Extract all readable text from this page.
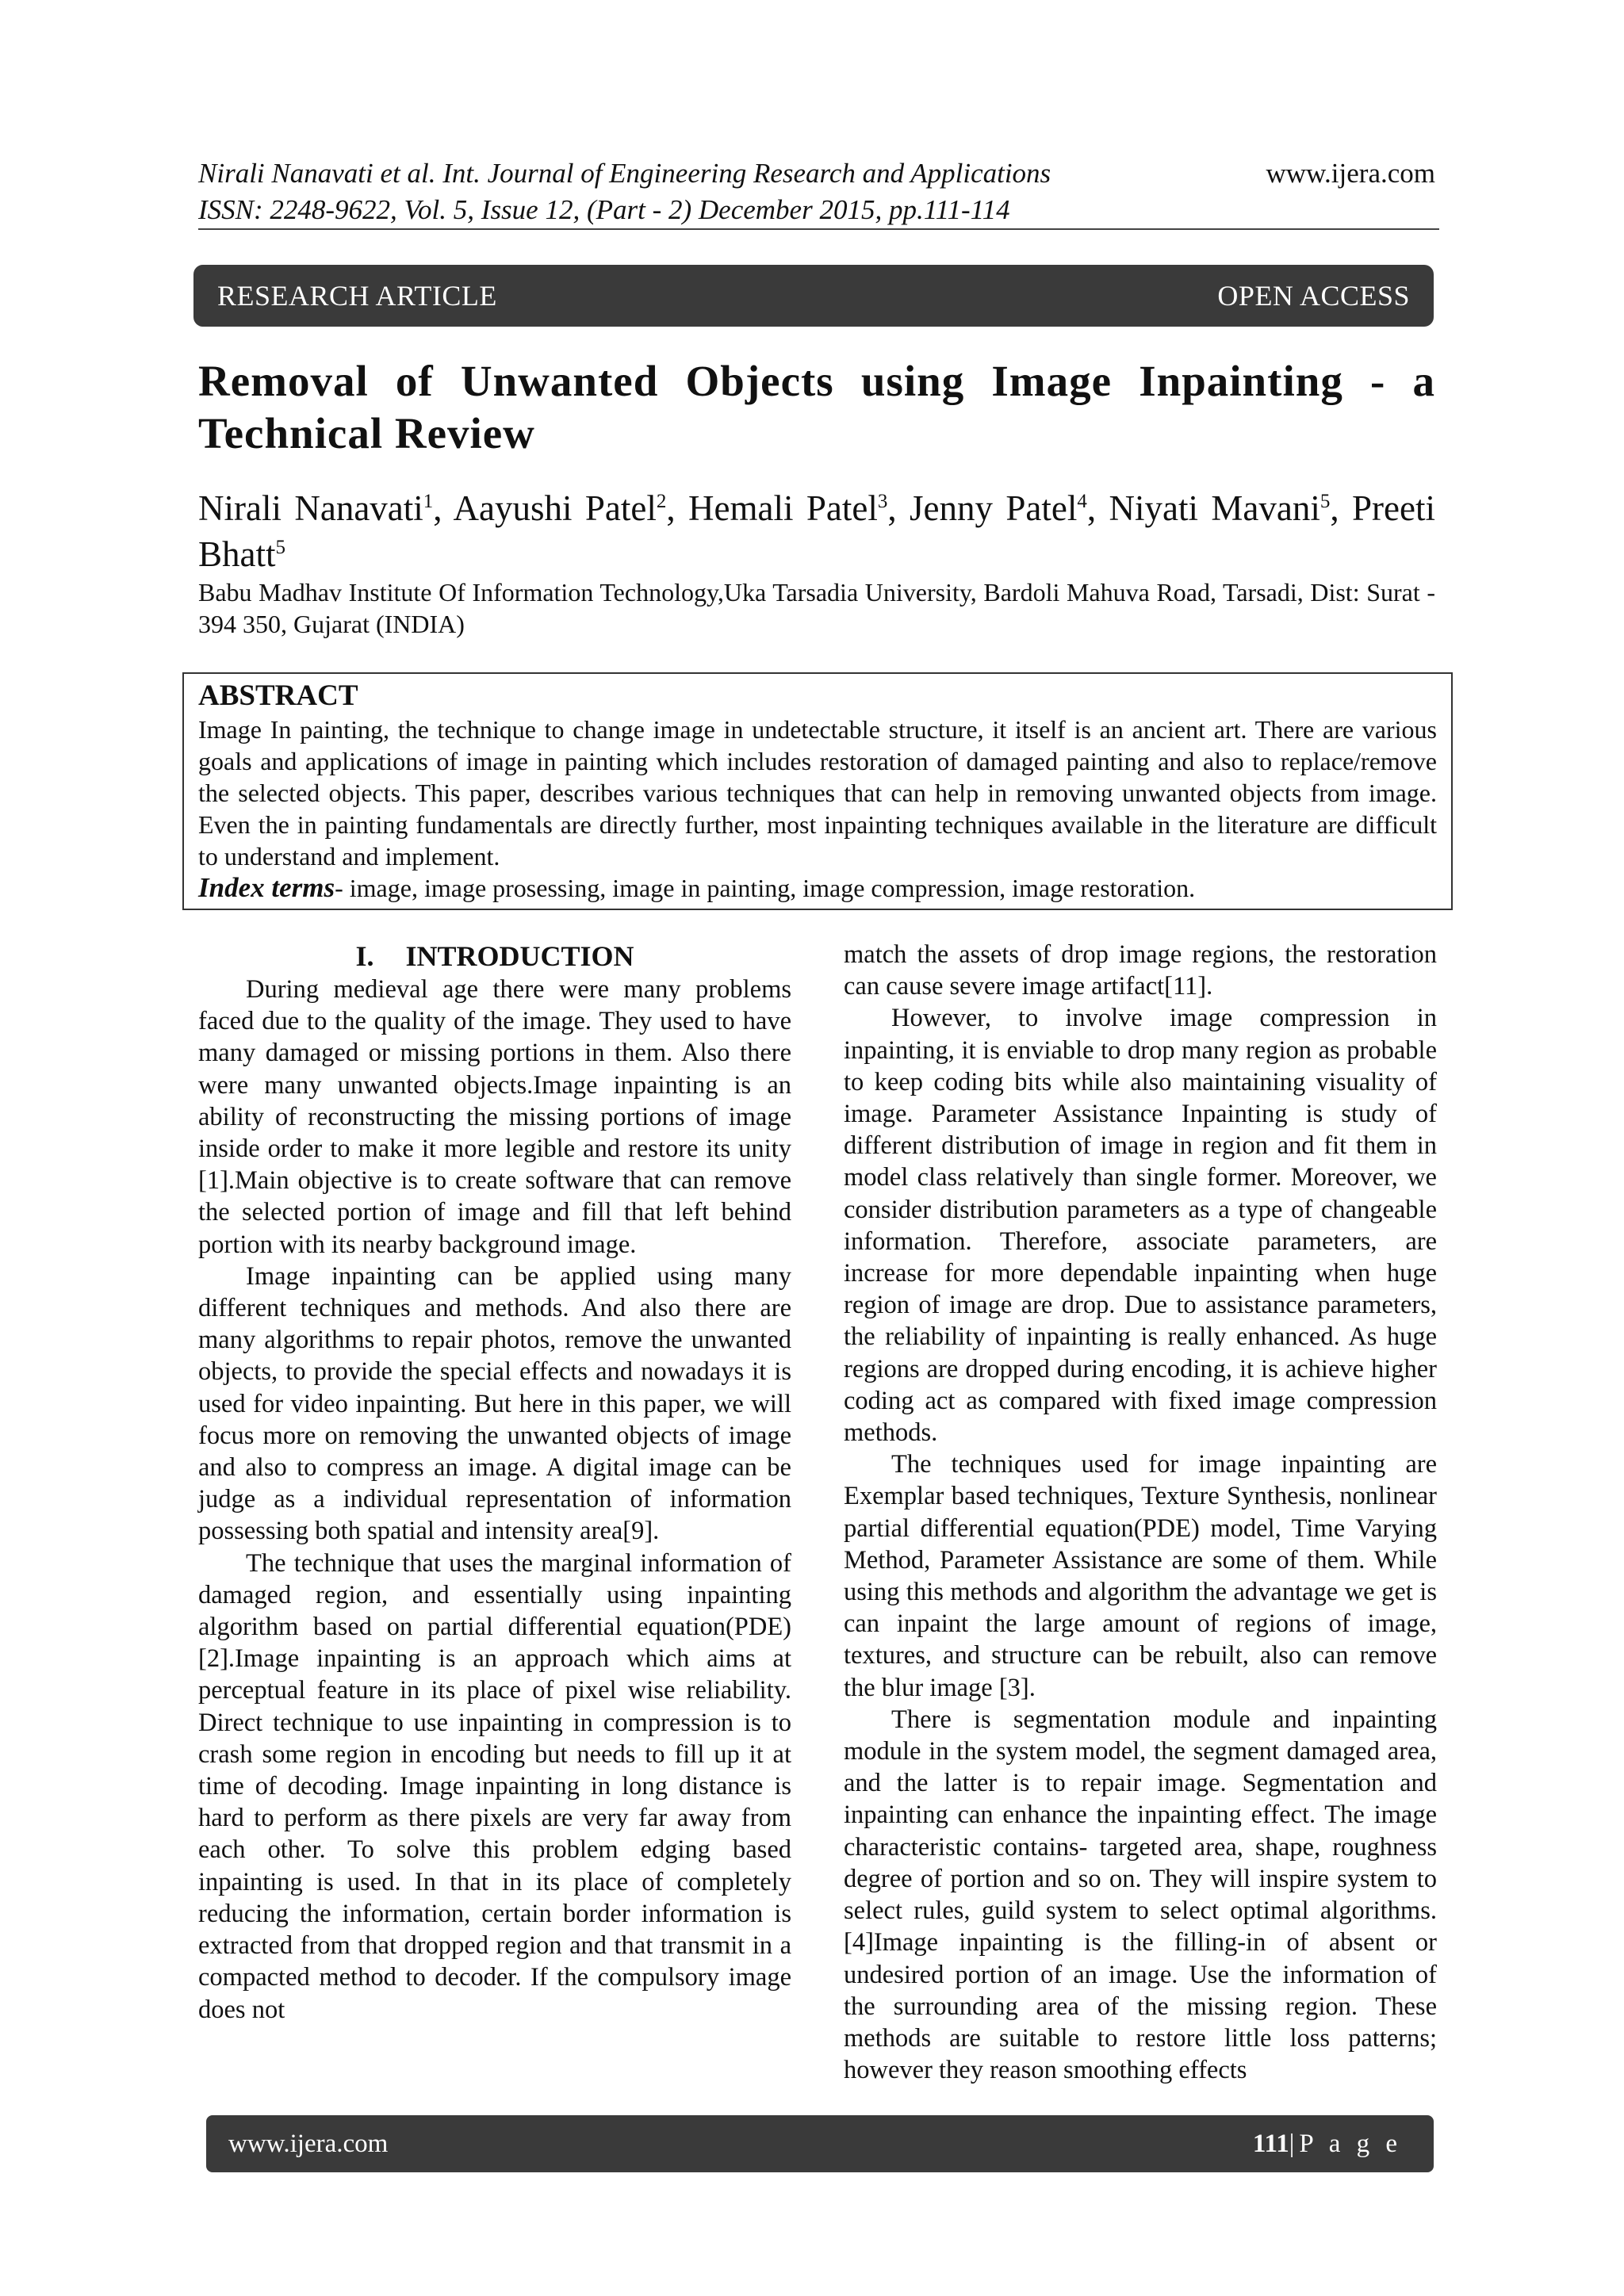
Nirali Nanavati et al. Int. Journal of Engineering Research and Applications
ISSN: 2248-9622, Vol. 5, Issue 12, (Part - 2) December 2015, pp.111-114
www.ijera.com
RESEARCH ARTICLE	OPEN ACCESS
Removal of Unwanted Objects using Image Inpainting - a Technical Review
Nirali Nanavati$^1$, Aayushi Patel$^2$, Hemali Patel$^3$, Jenny Patel$^4$, Niyati Mavani$^5$, Preeti Bhatt$^5$
Babu Madhav Institute Of Information Technology,Uka Tarsadia University, Bardoli Mahuva Road, Tarsadi, Dist: Surat - 394 350, Gujarat (INDIA)
ABSTRACT
Image In painting, the technique to change image in undetectable structure, it itself is an ancient art. There are various goals and applications of image in painting which includes restoration of damaged painting and also to replace/remove the selected objects. This paper, describes various techniques that can help in removing unwanted objects from image. Even the in painting fundamentals are directly further, most inpainting techniques available in the literature are difficult to understand and implement.
Index terms- image, image prosessing, image in painting, image compression, image restoration.
I. INTRODUCTION

During medieval age there were many problems faced due to the quality of the image. They used to have many damaged or missing portions in them. Also there were many unwanted objects.Image inpainting is an ability of reconstructing the missing portions of image inside order to make it more legible and restore its unity [1].Main objective is to create software that can remove the selected portion of image and fill that left behind portion with its nearby background image.

Image inpainting can be applied using many different techniques and methods. And also there are many algorithms to repair photos, remove the unwanted objects, to provide the special effects and nowadays it is used for video inpainting. But here in this paper, we will focus more on removing the unwanted objects of image and also to compress an image. A digital image can be judge as a individual representation of information possessing both spatial and intensity area[9].

The technique that uses the marginal information of damaged region, and essentially using inpainting algorithm based on partial differential equation(PDE)[2].Image inpainting is an approach which aims at perceptual feature in its place of pixel wise reliability. Direct technique to use inpainting in compression is to crash some region in encoding but needs to fill up it at time of decoding. Image inpainting in long distance is hard to perform as there pixels are very far away from each other. To solve this problem edging based inpainting is used. In that in its place of completely reducing the information, certain border information is extracted from that dropped region and that transmit in a compacted method to decoder. If the compulsory image does not

match the assets of drop image regions, the restoration can cause severe image artifact[11].

However, to involve image compression in inpainting, it is enviable to drop many region as probable to keep coding bits while also maintaining visuality of image. Parameter Assistance Inpainting is study of different distribution of image in region and fit them in model class relatively than single former. Moreover, we consider distribution parameters as a type of changeable information. Therefore, associate parameters, are increase for more dependable inpainting when huge region of image are drop. Due to assistance parameters, the reliability of inpainting is really enhanced. As huge regions are dropped during encoding, it is achieve higher coding act as compared with fixed image compression methods.

The techniques used for image inpainting are Exemplar based techniques, Texture Synthesis, nonlinear partial differential equation(PDE) model, Time Varying Method, Parameter Assistance are some of them. While using this methods and algorithm the advantage we get is can inpaint the large amount of regions of image, textures, and structure can be rebuilt, also can remove the blur image [3].

There is segmentation module and inpainting module in the system model, the segment damaged area, and the latter is to repair image. Segmentation and inpainting can enhance the inpainting effect. The image characteristic contains- targeted area, shape, roughness degree of portion and so on. They will inspire system to select rules, guild system to select optimal algorithms.[4]Image inpainting is the filling-in of absent or undesired portion of an image. Use the information of the surrounding area of the missing region. These methods are suitable to restore little loss patterns; however they reason smoothing effects

www.ijera.com	111|P a g e
